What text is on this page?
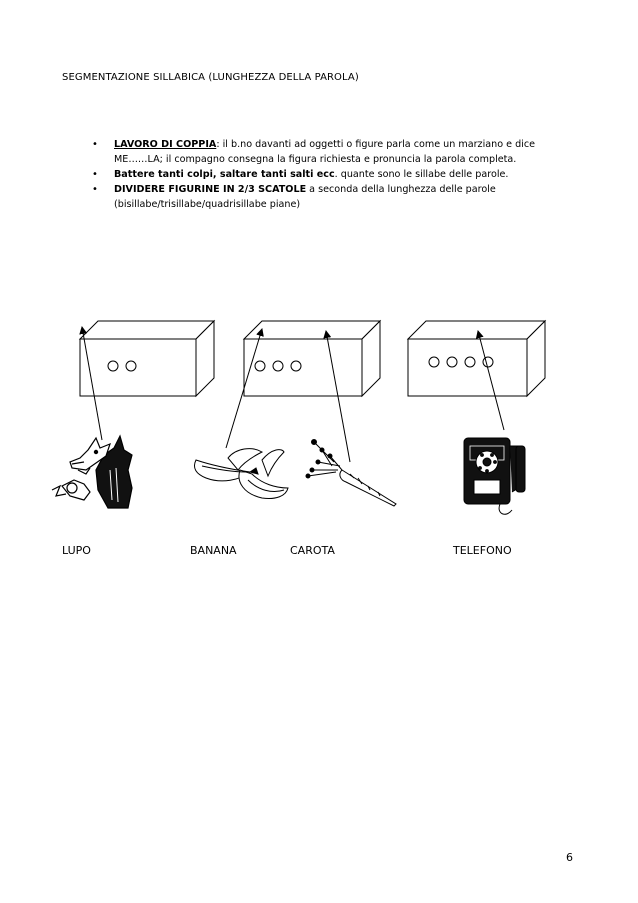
SEGMENTAZIONE SILLABICA (LUNGHEZZA DELLA PAROLA)
• LAVORO DI COPPIA: il b.no davanti ad oggetti o figure parla come un marziano e dice ME……LA; il compagno consegna la figura richiesta e pronuncia la parola completa.
• Battere tanti colpi, saltare tanti salti ecc. quante sono le sillabe delle parole.
• DIVIDERE FIGURINE IN 2/3 SCATOLE a seconda della lunghezza delle parole (bisillabe/trisillabe/quadrisillabe piane)
LUPO	BANANA	CAROTA	TELEFONO
6
